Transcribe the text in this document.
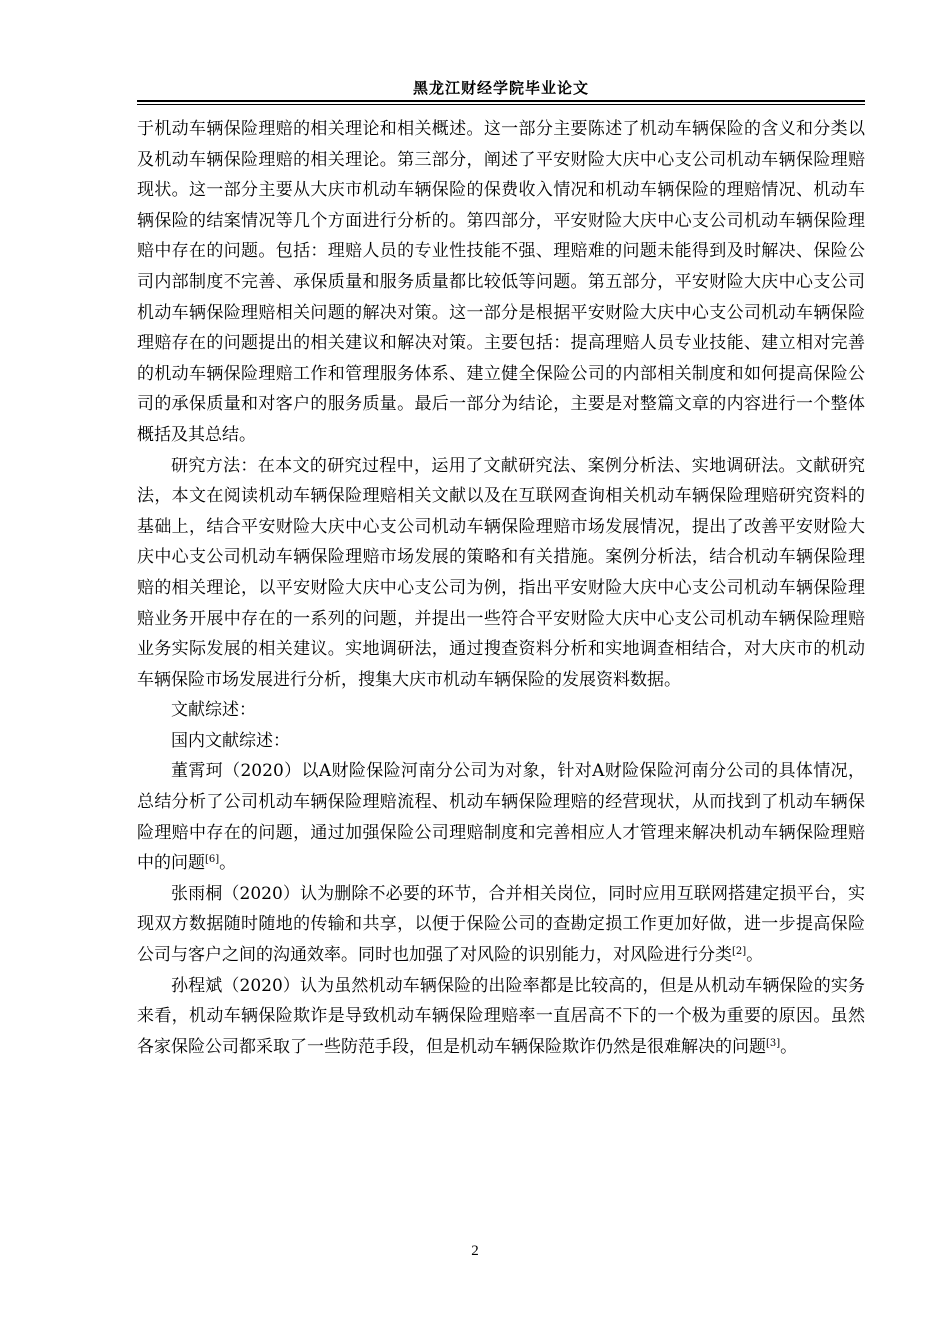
黑龙江财经学院毕业论文

于机动车辆保险理赔的相关理论和相关概述。这一部分主要陈述了机动车辆保险的含义和分类以及机动车辆保险理赔的相关理论。第三部分，阐述了平安财险大庆中心支公司机动车辆保险理赔现状。这一部分主要从大庆市机动车辆保险的保费收入情况和机动车辆保险的理赔情况、机动车辆保险的结案情况等几个方面进行分析的。第四部分，平安财险大庆中心支公司机动车辆保险理赔中存在的问题。包括：理赔人员的专业性技能不强、理赔难的问题未能得到及时解决、保险公司内部制度不完善、承保质量和服务质量都比较低等问题。第五部分，平安财险大庆中心支公司机动车辆保险理赔相关问题的解决对策。这一部分是根据平安财险大庆中心支公司机动车辆保险理赔存在的问题提出的相关建议和解决对策。主要包括：提高理赔人员专业技能、建立相对完善的机动车辆保险理赔工作和管理服务体系、建立健全保险公司的内部相关制度和如何提高保险公司的承保质量和对客户的服务质量。最后一部分为结论，主要是对整篇文章的内容进行一个整体概括及其总结。

研究方法：在本文的研究过程中，运用了文献研究法、案例分析法、实地调研法。文献研究法，本文在阅读机动车辆保险理赔相关文献以及在互联网查询相关机动车辆保险理赔研究资料的基础上，结合平安财险大庆中心支公司机动车辆保险理赔市场发展情况，提出了改善平安财险大庆中心支公司机动车辆保险理赔市场发展的策略和有关措施。案例分析法，结合机动车辆保险理赔的相关理论，以平安财险大庆中心支公司为例，指出平安财险大庆中心支公司机动车辆保险理赔业务开展中存在的一系列的问题，并提出一些符合平安财险大庆中心支公司机动车辆保险理赔业务实际发展的相关建议。实地调研法，通过搜查资料分析和实地调查相结合，对大庆市的机动车辆保险市场发展进行分析，搜集大庆市机动车辆保险的发展资料数据。

文献综述：

国内文献综述：

董霄珂（2020）以A财险保险河南分公司为对象，针对A财险保险河南分公司的具体情况，总结分析了公司机动车辆保险理赔流程、机动车辆保险理赔的经营现状，从而找到了机动车辆保险理赔中存在的问题，通过加强保险公司理赔制度和完善相应人才管理来解决机动车辆保险理赔中的问题[6]。

张雨桐（2020）认为删除不必要的环节，合并相关岗位，同时应用互联网搭建定损平台，实现双方数据随时随地的传输和共享，以便于保险公司的查勘定损工作更加好做，进一步提高保险公司与客户之间的沟通效率。同时也加强了对风险的识别能力，对风险进行分类[2]。

孙程斌（2020）认为虽然机动车辆保险的出险率都是比较高的，但是从机动车辆保险的实务来看，机动车辆保险欺诈是导致机动车辆保险理赔率一直居高不下的一个极为重要的原因。虽然各家保险公司都采取了一些防范手段，但是机动车辆保险欺诈仍然是很难解决的问题[3]。

2
